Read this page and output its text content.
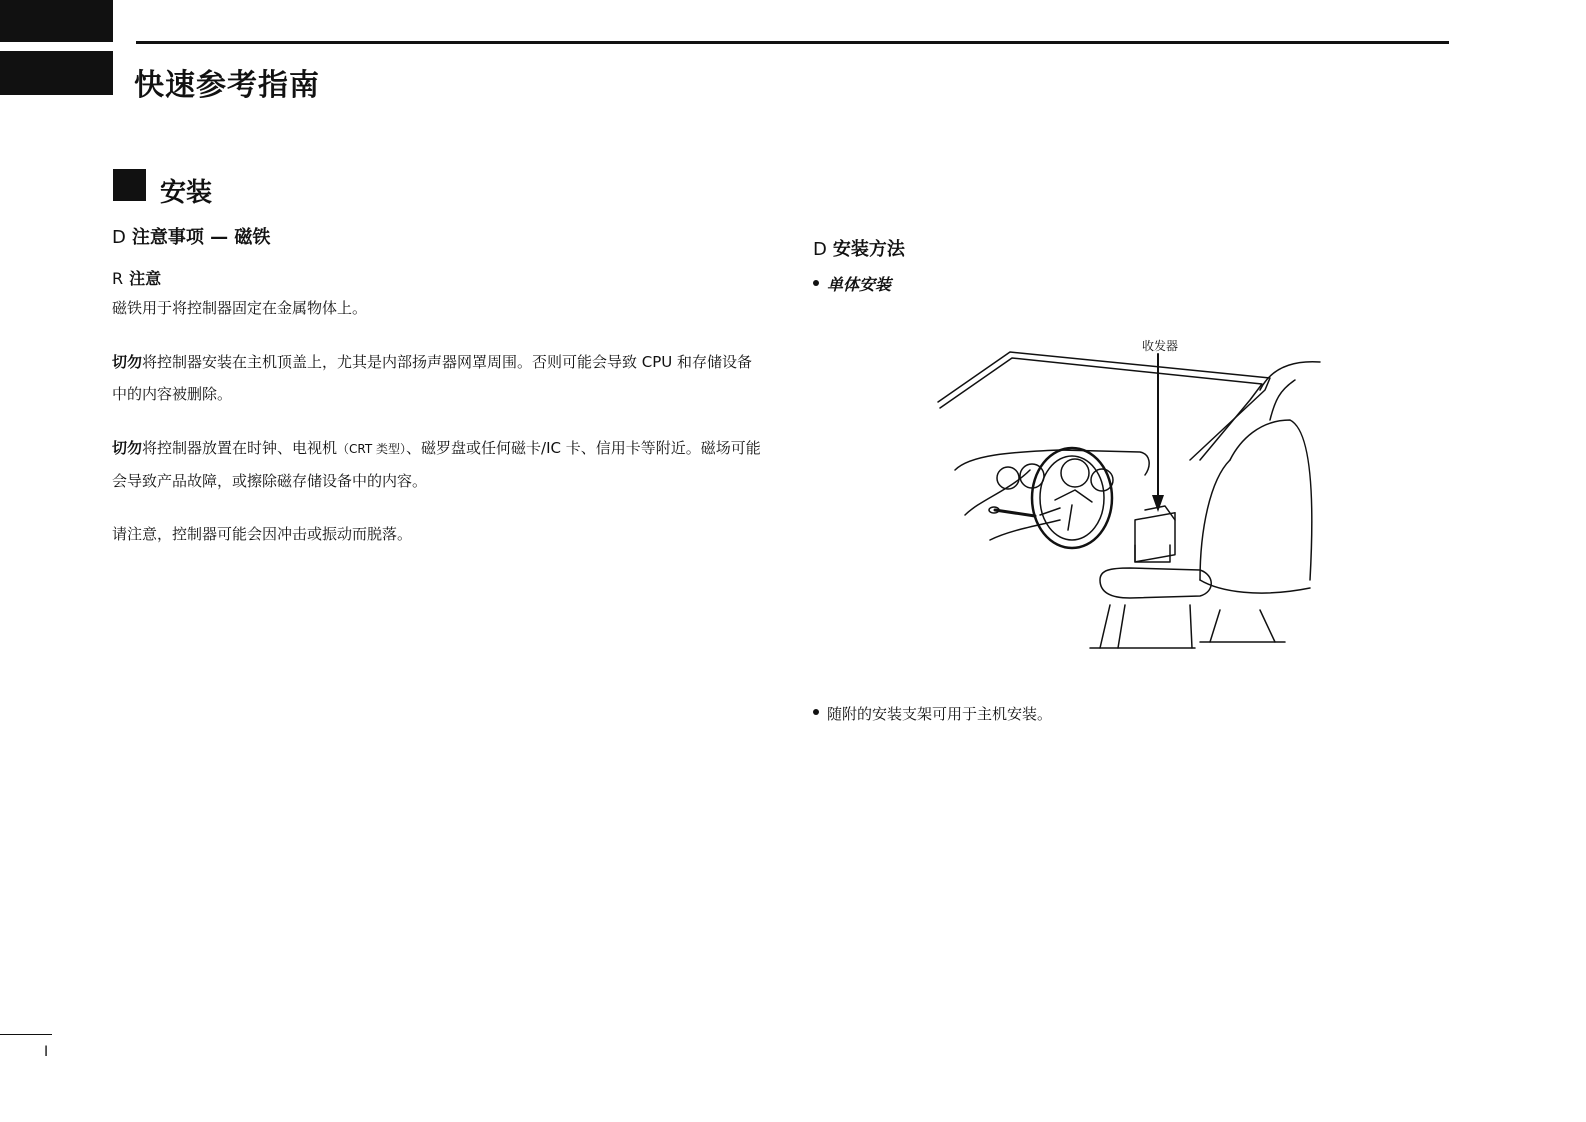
快速参考指南
安装
D 注意事项 — 磁铁
R 注意
磁铁用于将控制器固定在金属物体上。
切勿将控制器安装在主机顶盖上，尤其是内部扬声器网罩周围。否则可能会导致 CPU 和存储设备中的内容被删除。
切勿将控制器放置在时钟、电视机（CRT 类型）、磁罗盘或任何磁卡/IC 卡、信用卡等附近。磁场可能会导致产品故障，或擦除磁存储设备中的内容。
请注意，控制器可能会因冲击或振动而脱落。
D 安装方法
单体安装
收发器
随附的安装支架可用于主机安装。
I
